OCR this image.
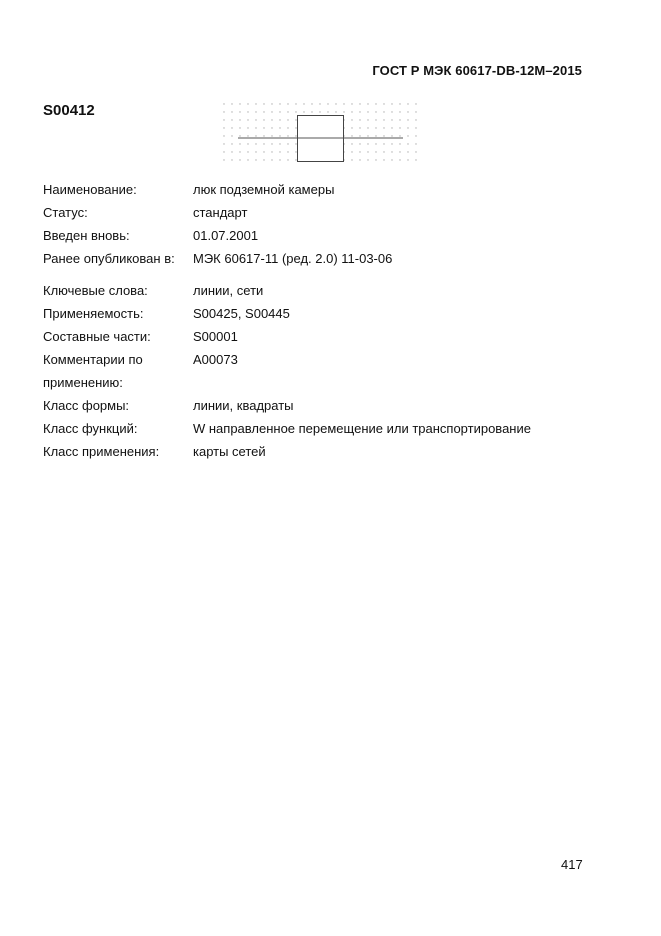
ГОСТ Р МЭК 60617-DB-12M–2015
S00412
Наименование:	люк подземной камеры
Статус:	стандарт
Введен вновь:	01.07.2001
Ранее опубликован в:	МЭК 60617-11 (ред. 2.0) 11-03-06
Ключевые слова:	линии, сети
Применяемость:	S00425, S00445
Составные части:	S00001
Комментарии по	A00073
применению:
Класс формы:	линии, квадраты
Класс функций:	W направленное перемещение или транспортирование
Класс применения:	карты сетей
417
